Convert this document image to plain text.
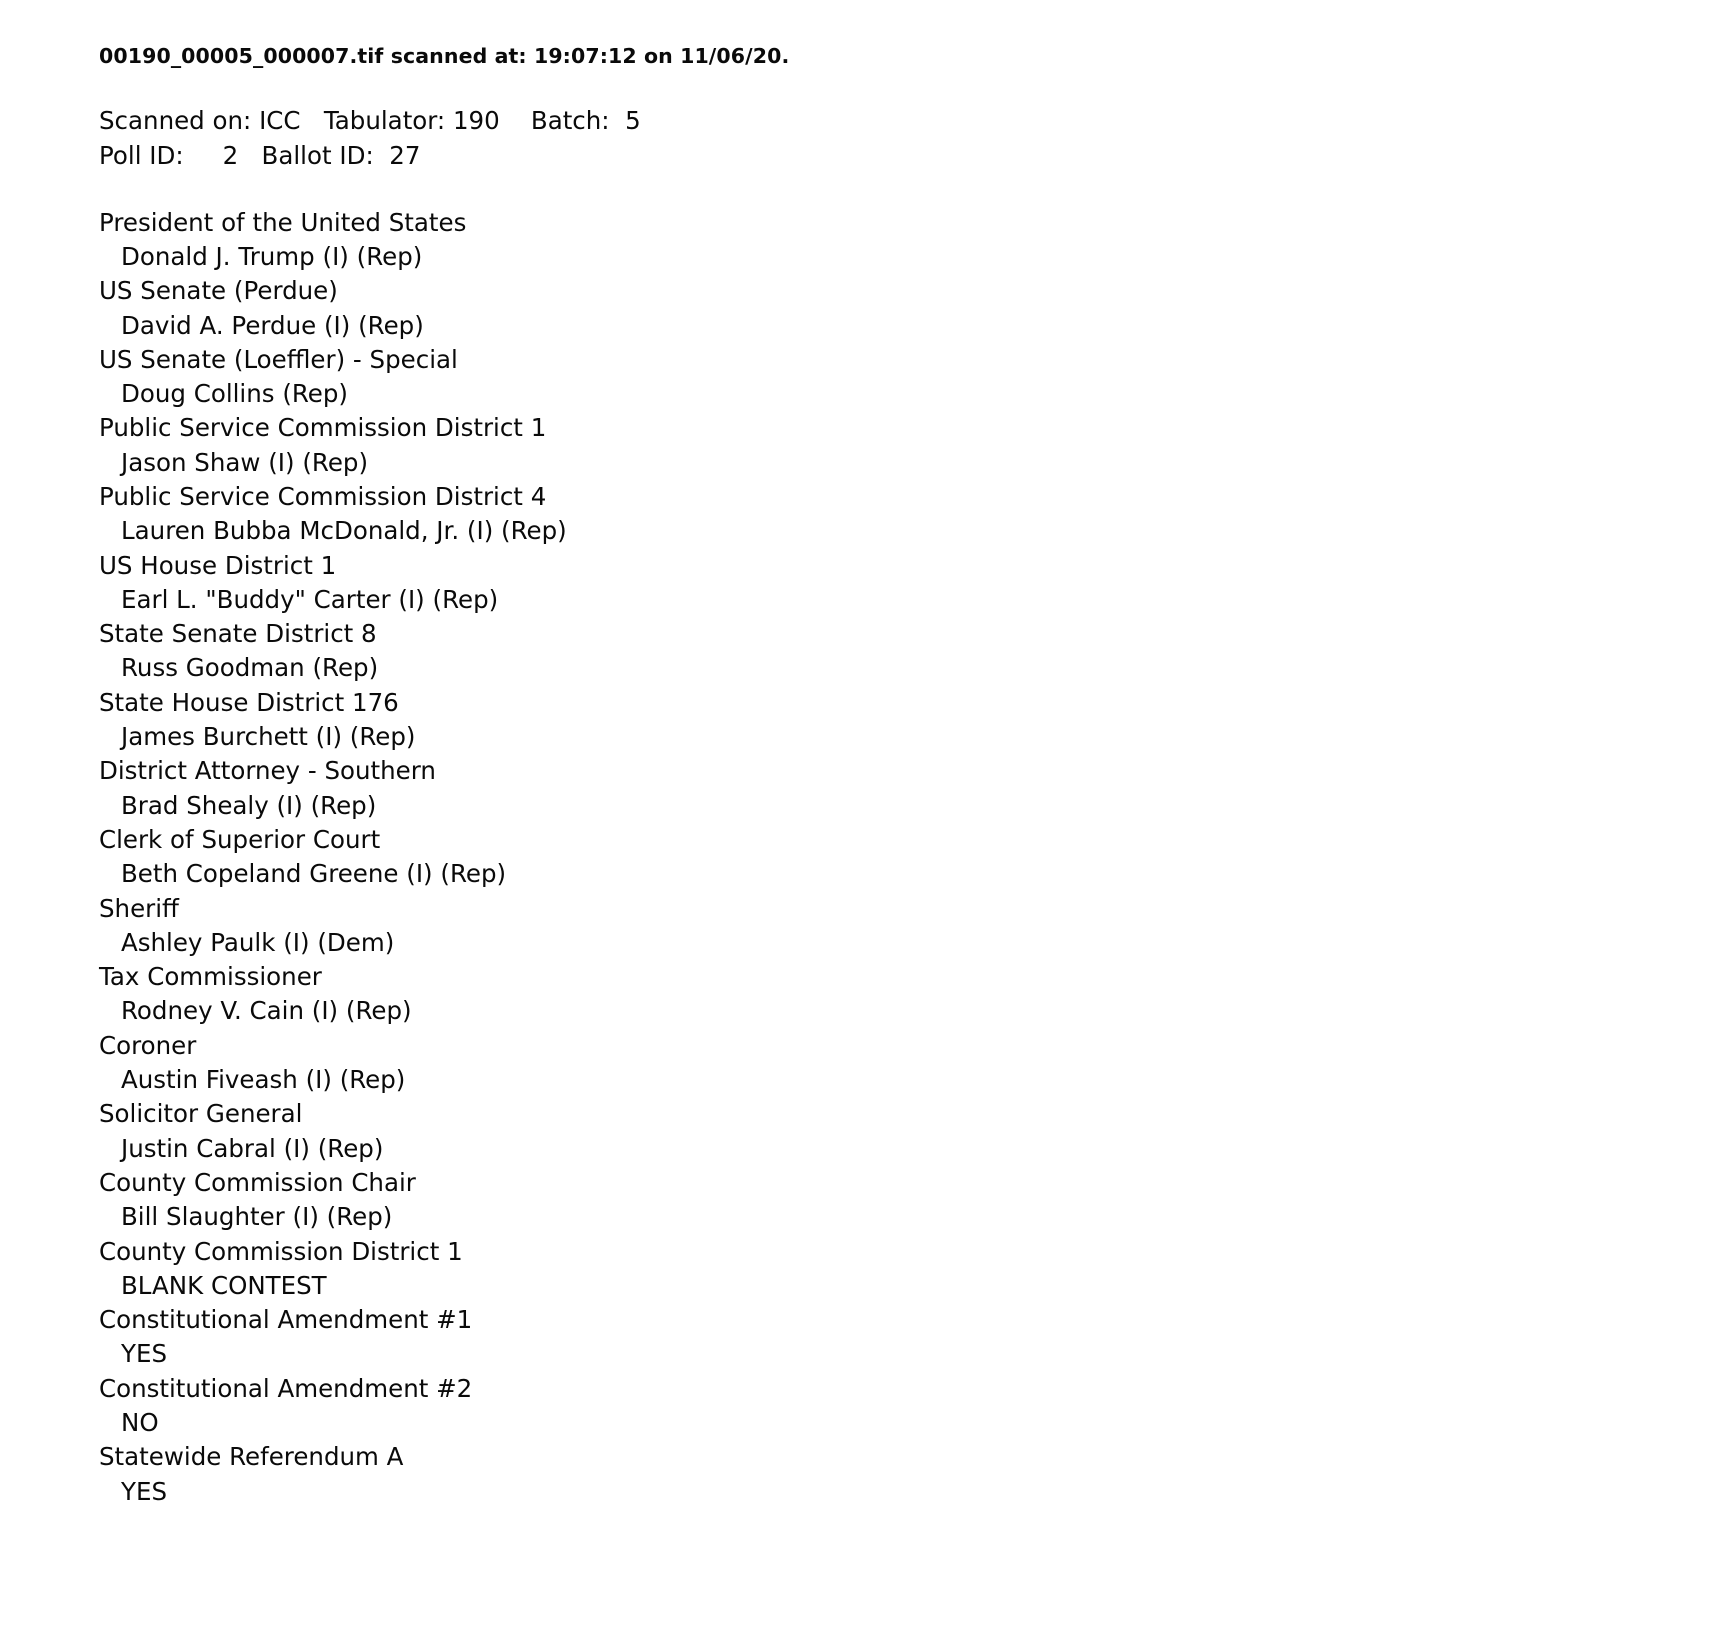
00190_00005_000007.tif scanned at: 19:07:12 on 11/06/20.
Scanned on: ICC   Tabulator: 190    Batch:  5
Poll ID:     2   Ballot ID:  27
President of the United States
Donald J. Trump (I) (Rep)
US Senate (Perdue)
David A. Perdue (I) (Rep)
US Senate (Loeffler) - Special
Doug Collins (Rep)
Public Service Commission District 1
Jason Shaw (I) (Rep)
Public Service Commission District 4
Lauren Bubba McDonald, Jr. (I) (Rep)
US House District 1
Earl L. "Buddy" Carter (I) (Rep)
State Senate District 8
Russ Goodman (Rep)
State House District 176
James Burchett (I) (Rep)
District Attorney - Southern
Brad Shealy (I) (Rep)
Clerk of Superior Court
Beth Copeland Greene (I) (Rep)
Sheriff
Ashley Paulk (I) (Dem)
Tax Commissioner
Rodney V. Cain (I) (Rep)
Coroner
Austin Fiveash (I) (Rep)
Solicitor General
Justin Cabral (I) (Rep)
County Commission Chair
Bill Slaughter (I) (Rep)
County Commission District 1
BLANK CONTEST
Constitutional Amendment #1
YES
Constitutional Amendment #2
NO
Statewide Referendum A
YES
